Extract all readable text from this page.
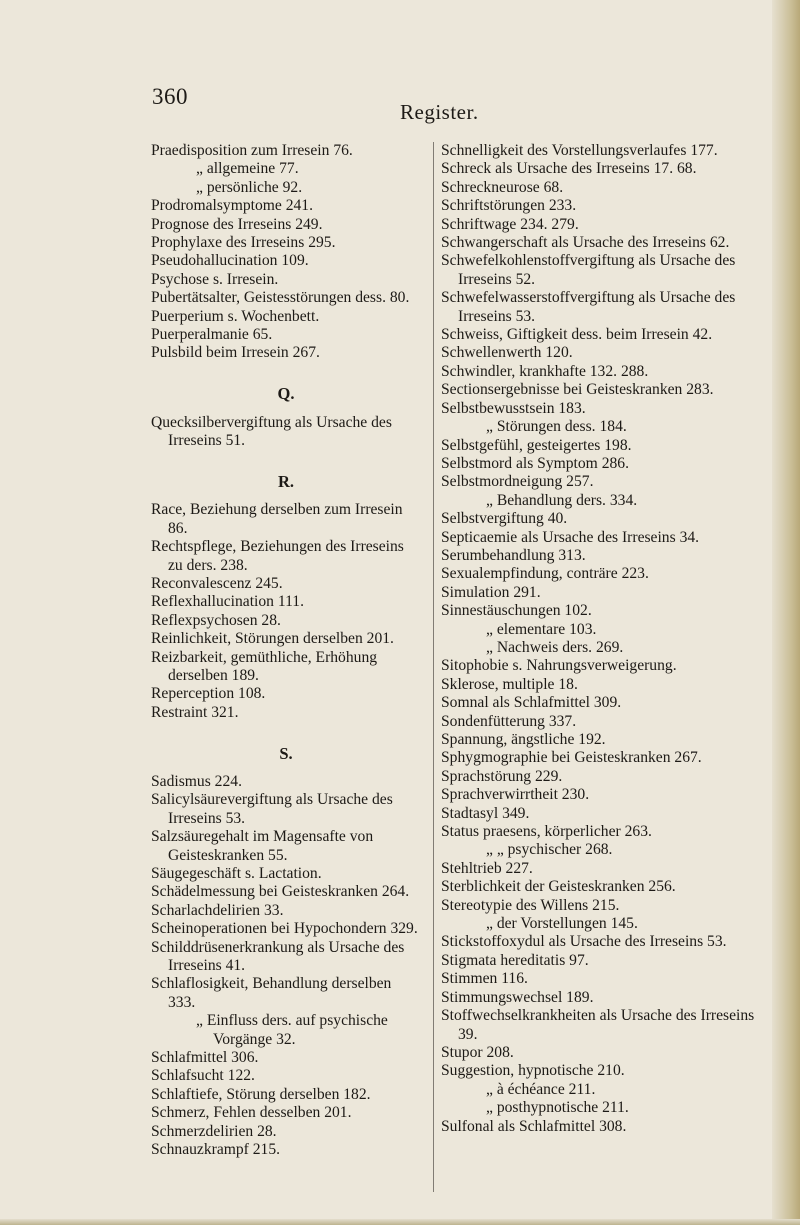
360
Register.
Praedisposition zum Irresein 76.
„ allgemeine 77.
„ persönliche 92.
Prodromalsymptome 241.
Prognose des Irreseins 249.
Prophylaxe des Irreseins 295.
Pseudohallucination 109.
Psychose s. Irresein.
Pubertätsalter, Geistesstörungen dess. 80.
Puerperium s. Wochenbett.
Puerperalmanie 65.
Pulsbild beim Irresein 267.
Q.
Quecksilbervergiftung als Ursache des Irreseins 51.
R.
Race, Beziehung derselben zum Irresein 86.
Rechtspflege, Beziehungen des Irreseins zu ders. 238.
Reconvalescenz 245.
Reflexhallucination 111.
Reflexpsychosen 28.
Reinlichkeit, Störungen derselben 201.
Reizbarkeit, gemüthliche, Erhöhung derselben 189.
Reperception 108.
Restraint 321.
S.
Sadismus 224.
Salicylsäurevergiftung als Ursache des Irreseins 53.
Salzsäuregehalt im Magensafte von Geisteskranken 55.
Säugegeschäft s. Lactation.
Schädelmessung bei Geisteskranken 264.
Scharlachdelirien 33.
Scheinoperationen bei Hypochondern 329.
Schilddrüsenerkrankung als Ursache des Irreseins 41.
Schlaflosigkeit, Behandlung derselben 333.
„ Einfluss ders. auf psychische Vorgänge 32.
Schlafmittel 306.
Schlafsucht 122.
Schlaftiefe, Störung derselben 182.
Schmerz, Fehlen desselben 201.
Schmerzdelirien 28.
Schnauzkrampf 215.
Schnelligkeit des Vorstellungsverlaufes 177.
Schreck als Ursache des Irreseins 17. 68.
Schreckneurose 68.
Schriftstörungen 233.
Schriftwage 234. 279.
Schwangerschaft als Ursache des Irreseins 62.
Schwefelkohlenstoffvergiftung als Ursache des Irreseins 52.
Schwefelwasserstoffvergiftung als Ursache des Irreseins 53.
Schweiss, Giftigkeit dess. beim Irresein 42.
Schwellenwerth 120.
Schwindler, krankhafte 132. 288.
Sectionsergebnisse bei Geisteskranken 283.
Selbstbewusstsein 183.
„ Störungen dess. 184.
Selbstgefühl, gesteigertes 198.
Selbstmord als Symptom 286.
Selbstmordneigung 257.
„ Behandlung ders. 334.
Selbstvergiftung 40.
Septicaemie als Ursache des Irreseins 34.
Serumbehandlung 313.
Sexualempfindung, conträre 223.
Simulation 291.
Sinnestäuschungen 102.
„ elementare 103.
„ Nachweis ders. 269.
Sitophobie s. Nahrungsverweigerung.
Sklerose, multiple 18.
Somnal als Schlafmittel 309.
Sondenfütterung 337.
Spannung, ängstliche 192.
Sphygmographie bei Geisteskranken 267.
Sprachstörung 229.
Sprachverwirrtheit 230.
Stadtasyl 349.
Status praesens, körperlicher 263.
„ „ psychischer 268.
Stehltrieb 227.
Sterblichkeit der Geisteskranken 256.
Stereotypie des Willens 215.
„ der Vorstellungen 145.
Stickstoffoxydul als Ursache des Irreseins 53.
Stigmata hereditatis 97.
Stimmen 116.
Stimmungswechsel 189.
Stoffwechselkrankheiten als Ursache des Irreseins 39.
Stupor 208.
Suggestion, hypnotische 210.
„ à échéance 211.
„ posthypnotische 211.
Sulfonal als Schlafmittel 308.
